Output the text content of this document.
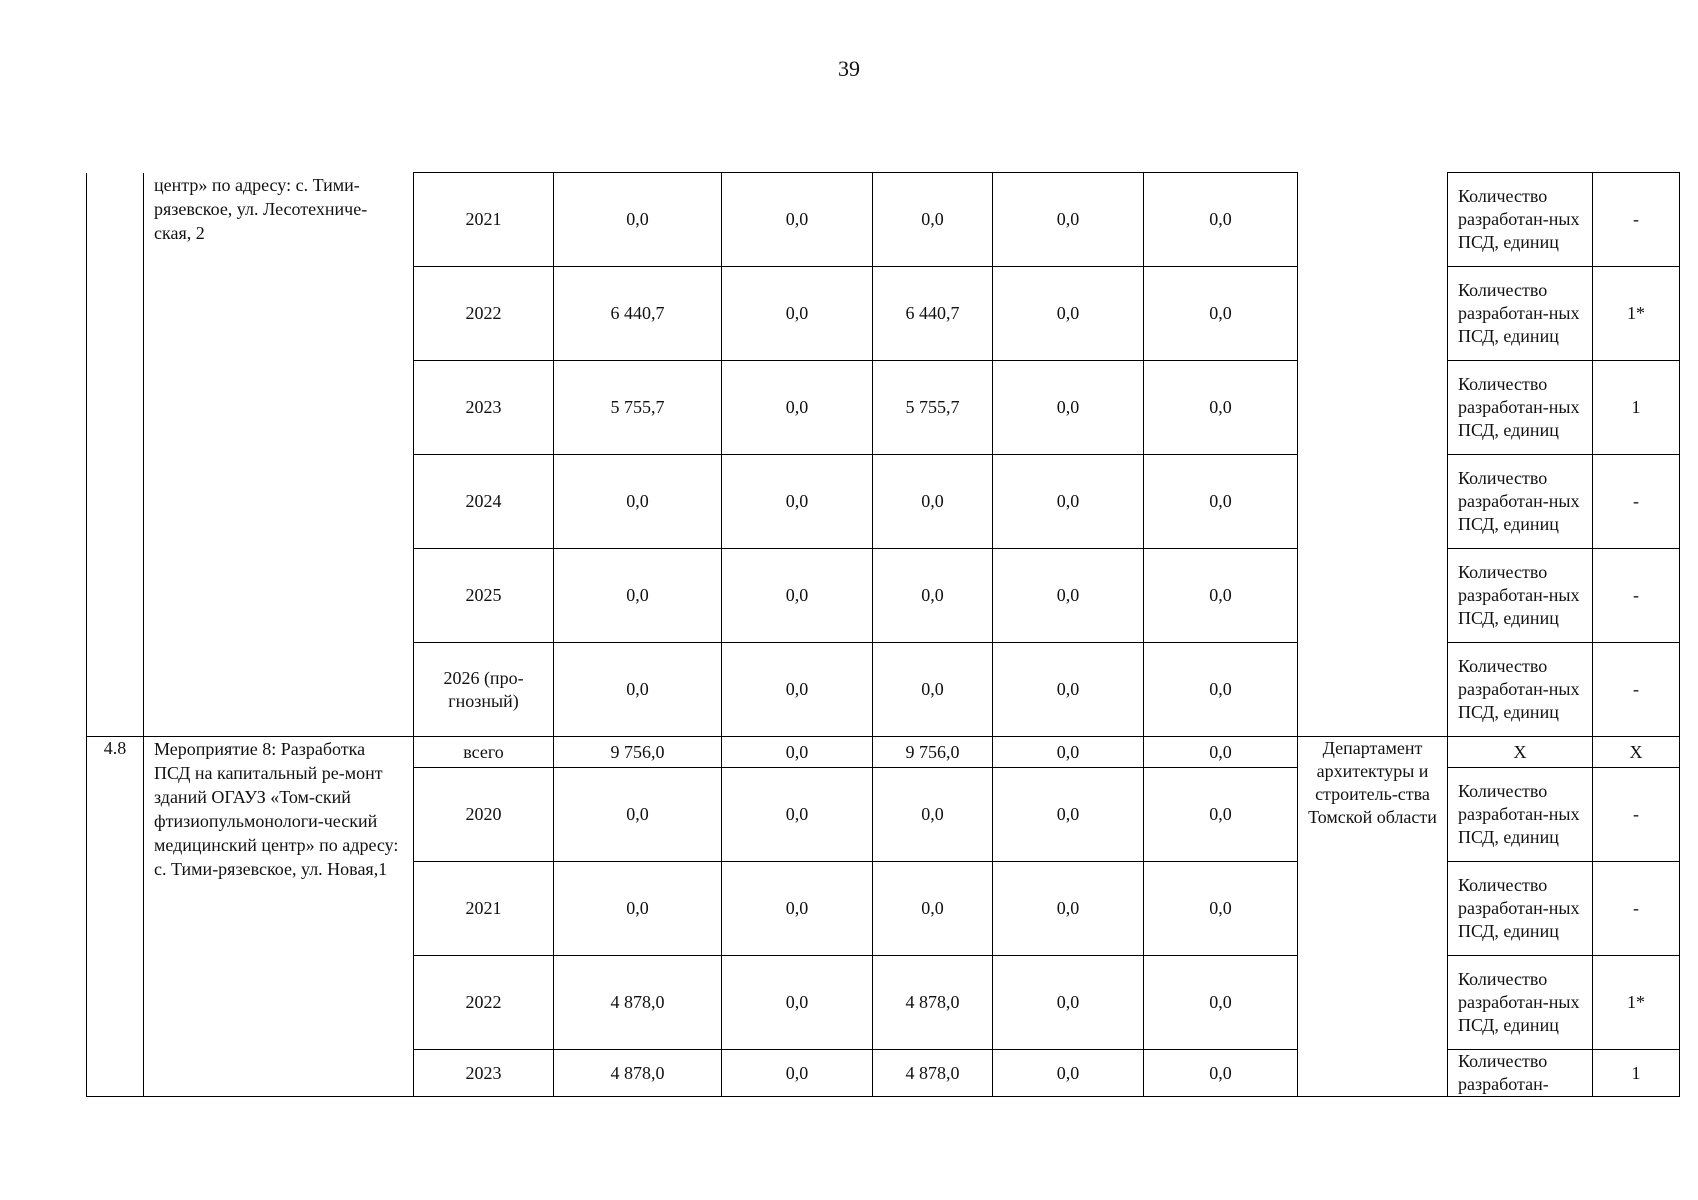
39
	центр» по адресу: с. Тими-рязевское, ул. Лесотехниче-ская, 2	2021	0,0	0,0	0,0	0,0	0,0		Количество разработан-ных ПСД, единиц	-
		2022	6 440,7	0,0	6 440,7	0,0	0,0		Количество разработан-ных ПСД, единиц	1*
		2023	5 755,7	0,0	5 755,7	0,0	0,0		Количество разработан-ных ПСД, единиц	1
		2024	0,0	0,0	0,0	0,0	0,0		Количество разработан-ных ПСД, единиц	-
		2025	0,0	0,0	0,0	0,0	0,0		Количество разработан-ных ПСД, единиц	-
		2026 (про-гнозный)	0,0	0,0	0,0	0,0	0,0		Количество разработан-ных ПСД, единиц	-
4.8	Мероприятие 8: Разработка ПСД на капитальный ре-монт зданий ОГАУЗ «Том-ский фтизиопульмонологи-ческий медицинский центр» по адресу: с. Тими-рязевское, ул. Новая,1	всего	9 756,0	0,0	9 756,0	0,0	0,0	Департамент архитектуры и строитель-ства Томской области	Х	Х
		2020	0,0	0,0	0,0	0,0	0,0		Количество разработан-ных ПСД, единиц	-
		2021	0,0	0,0	0,0	0,0	0,0		Количество разработан-ных ПСД, единиц	-
		2022	4 878,0	0,0	4 878,0	0,0	0,0		Количество разработан-ных ПСД, единиц	1*
		2023	4 878,0	0,0	4 878,0	0,0	0,0		Количество разработан-	1
